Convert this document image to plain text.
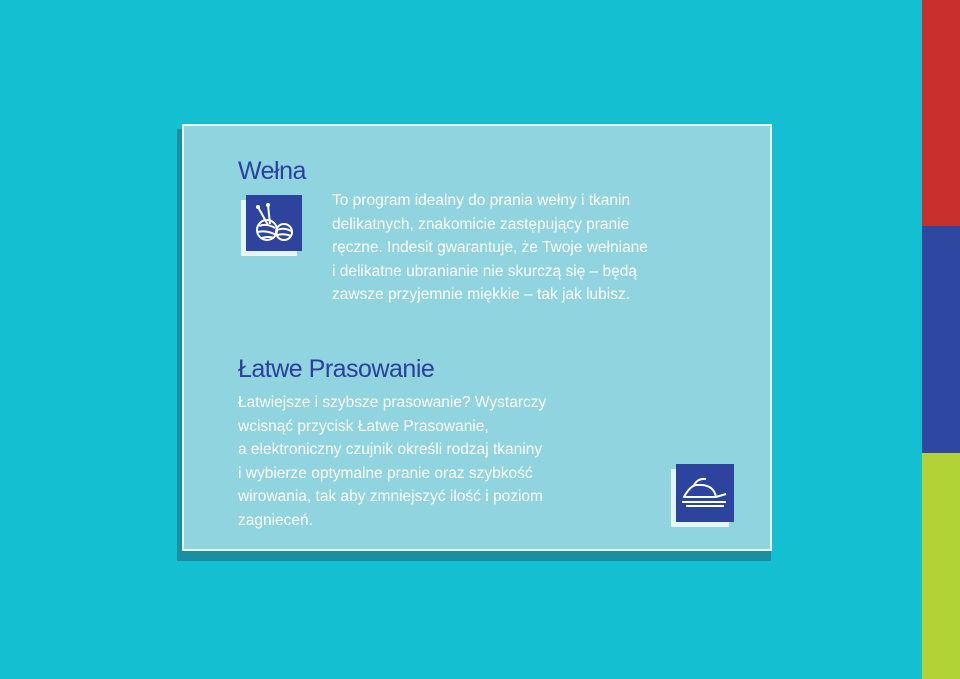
Wełna

To program idealny do prania wełny i tkanin
delikatnych, znakomicie zastępujący pranie
ręczne. Indesit gwarantuje, że Twoje wełniane
i delikatne ubranianie nie skurczą się – będą
zawsze przyjemnie miękkie – tak jak lubisz.

Łatwe Prasowanie

Łatwiejsze i szybsze prasowanie? Wystarczy
wcisnąć przycisk Łatwe Prasowanie,
a elektroniczny czujnik określi rodzaj tkaniny
i wybierze optymalne pranie oraz szybkość
wirowania, tak aby zmniejszyć ilość i poziom
zagnieceń.
